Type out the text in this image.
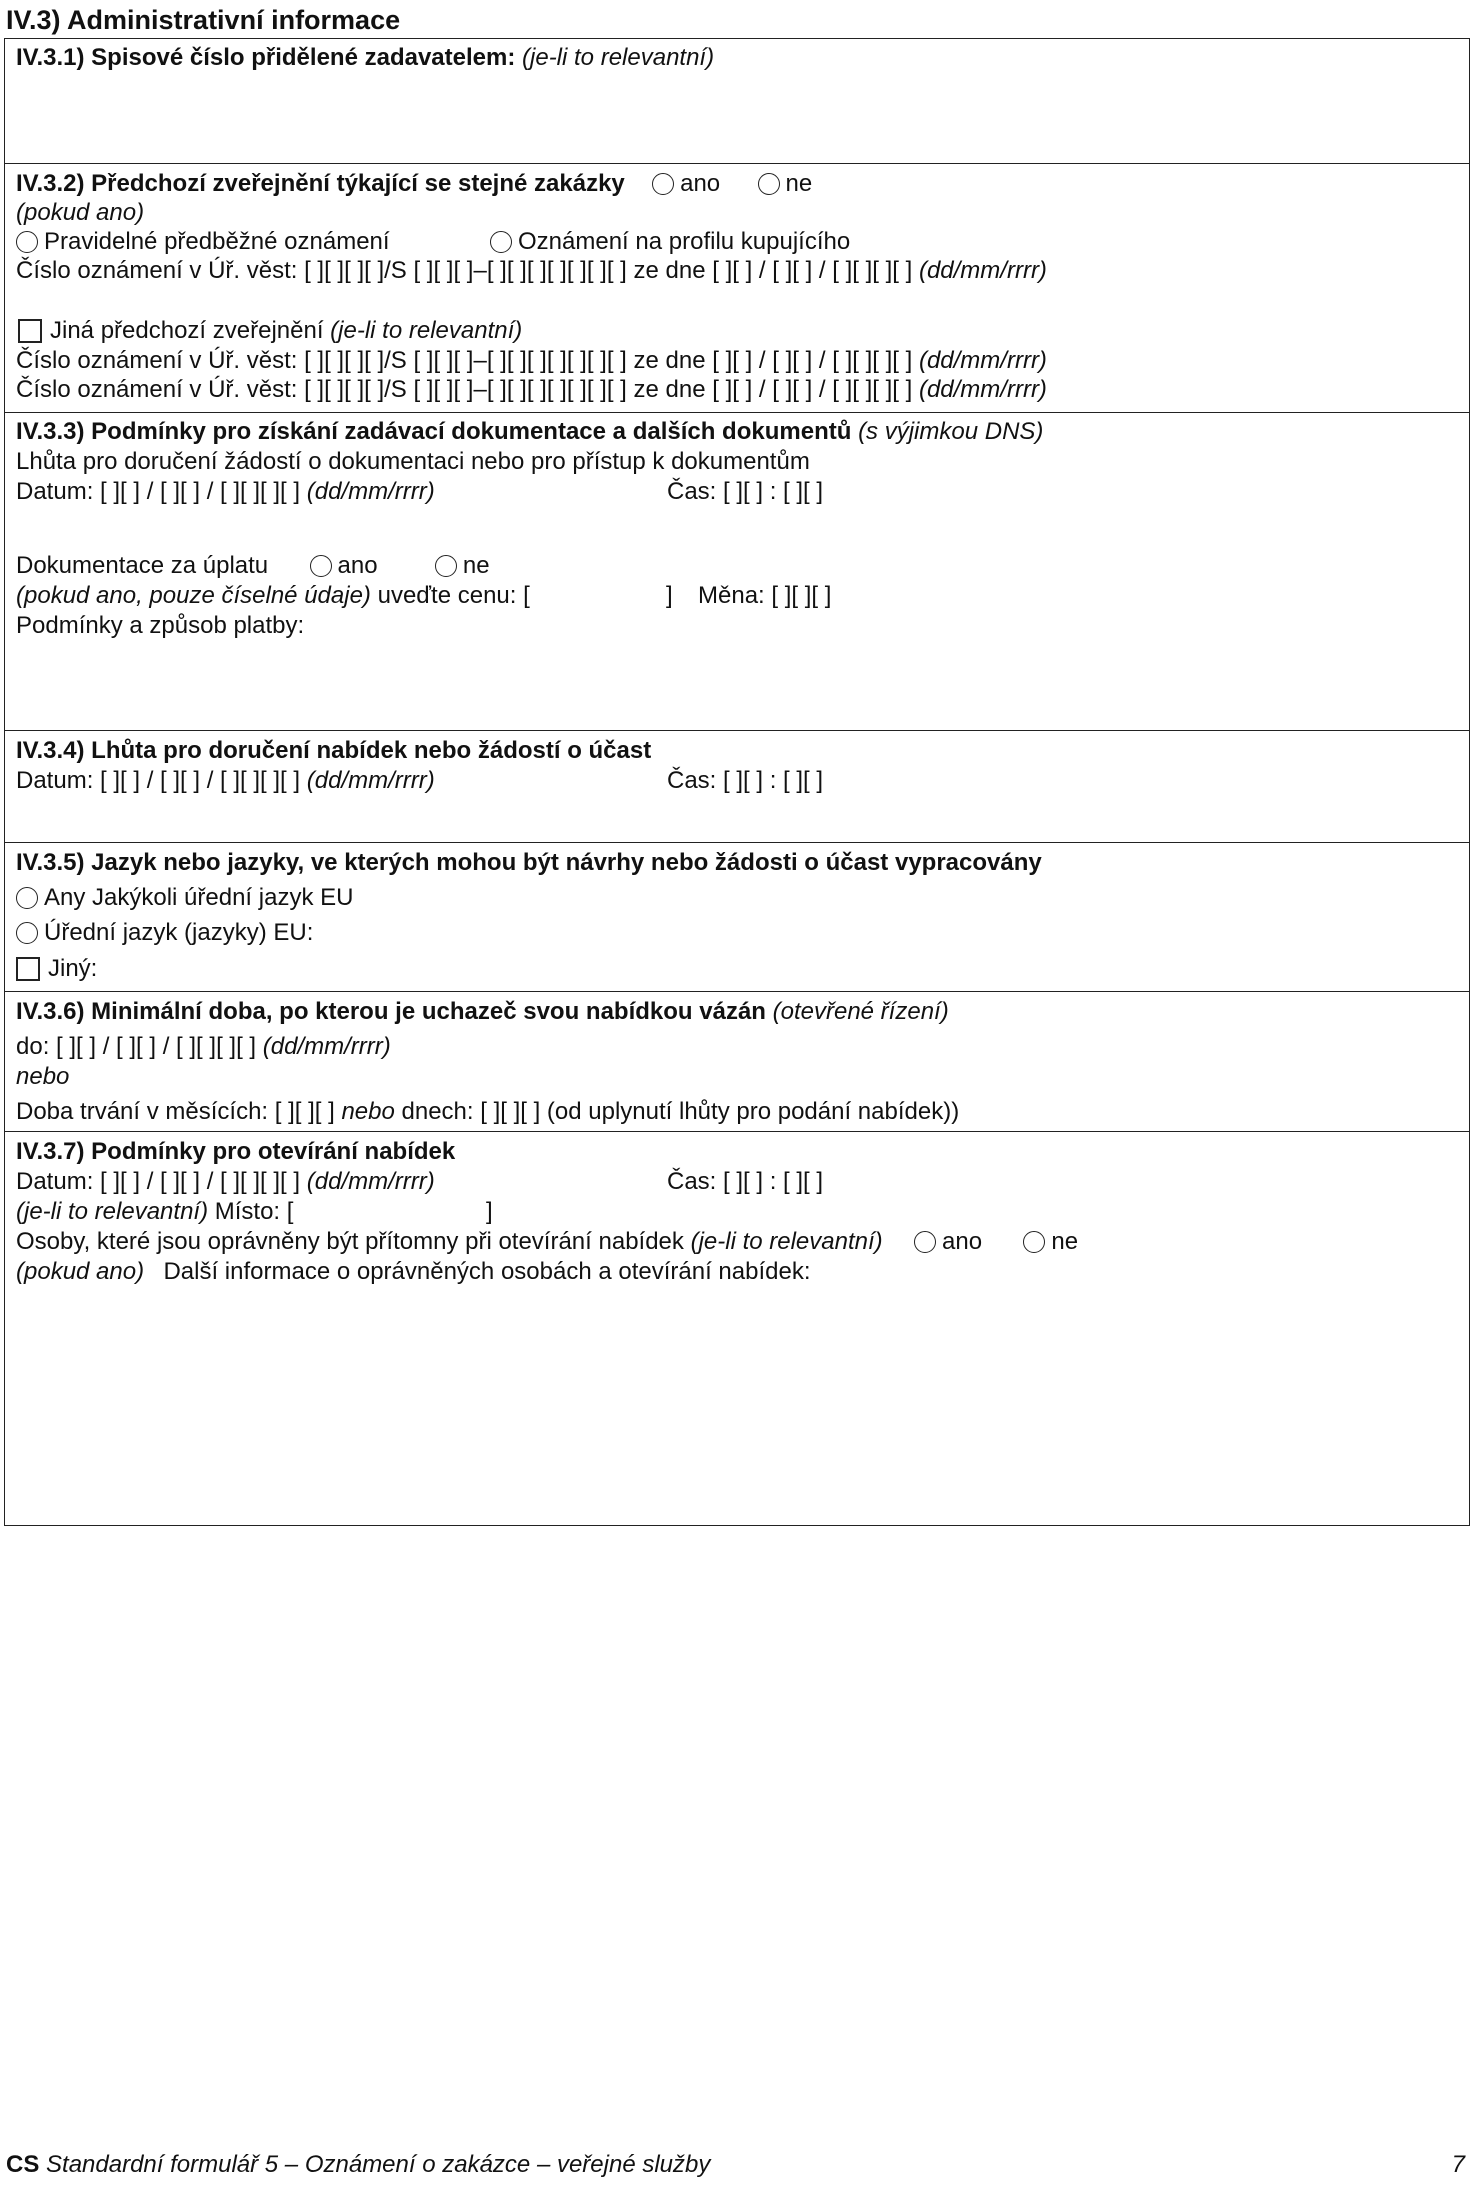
IV.3) Administrativní informace
IV.3.1) Spisové číslo přidělené zadavatelem: (je-li to relevantní)
IV.3.2) Předchozí zveřejnění týkající se stejné zakázky ano	ne
(pokud ano)
Pravidelné předběžné oznámení	Oznámení na profilu kupujícího
Číslo oznámení v Úř. věst: [ ][ ][ ][ ]/S [ ][ ][ ]–[ ][ ][ ][ ][ ][ ][ ] ze dne [ ][ ] / [ ][ ] / [ ][ ][ ][ ] (dd/mm/rrrr)
Jiná předchozí zveřejnění (je-li to relevantní)
Číslo oznámení v Úř. věst: [ ][ ][ ][ ]/S [ ][ ][ ]–[ ][ ][ ][ ][ ][ ][ ] ze dne [ ][ ] / [ ][ ] / [ ][ ][ ][ ] (dd/mm/rrrr)
Číslo oznámení v Úř. věst: [ ][ ][ ][ ]/S [ ][ ][ ]–[ ][ ][ ][ ][ ][ ][ ] ze dne [ ][ ] / [ ][ ] / [ ][ ][ ][ ] (dd/mm/rrrr)
IV.3.3) Podmínky pro získání zadávací dokumentace a dalších dokumentů (s výjimkou DNS)
Lhůta pro doručení žádostí o dokumentaci nebo pro přístup k dokumentům
Datum: [ ][ ] / [ ][ ] / [ ][ ][ ][ ] (dd/mm/rrrr)	Čas: [ ][ ] : [ ][ ]
Dokumentace za úplatu	ano	ne
(pokud ano, pouze číselné údaje) uveďte cenu: [	] Měna: [ ][ ][ ]
Podmínky a způsob platby:
IV.3.4) Lhůta pro doručení nabídek nebo žádostí o účast
Datum: [ ][ ] / [ ][ ] / [ ][ ][ ][ ] (dd/mm/rrrr)	Čas: [ ][ ] : [ ][ ]
IV.3.5) Jazyk nebo jazyky, ve kterých mohou být návrhy nebo žádosti o účast vypracovány
Any Jakýkoli úřední jazyk EU
Úřední jazyk (jazyky) EU:
Jiný:
IV.3.6) Minimální doba, po kterou je uchazeč svou nabídkou vázán (otevřené řízení)
do: [ ][ ] / [ ][ ] / [ ][ ][ ][ ] (dd/mm/rrrr)
nebo
Doba trvání v měsících: [ ][ ][ ] nebo dnech: [ ][ ][ ] (od uplynutí lhůty pro podání nabídek))
IV.3.7) Podmínky pro otevírání nabídek
Datum: [ ][ ] / [ ][ ] / [ ][ ][ ][ ] (dd/mm/rrrr)	Čas: [ ][ ] : [ ][ ]
(je-li to relevantní) Místo: [	]
Osoby, které jsou oprávněny být přítomny při otevírání nabídek (je-li to relevantní) ano	ne
(pokud ano) Další informace o oprávněných osobách a otevírání nabídek:
CS Standardní formulář 5 – Oznámení o zakázce – veřejné služby	7
